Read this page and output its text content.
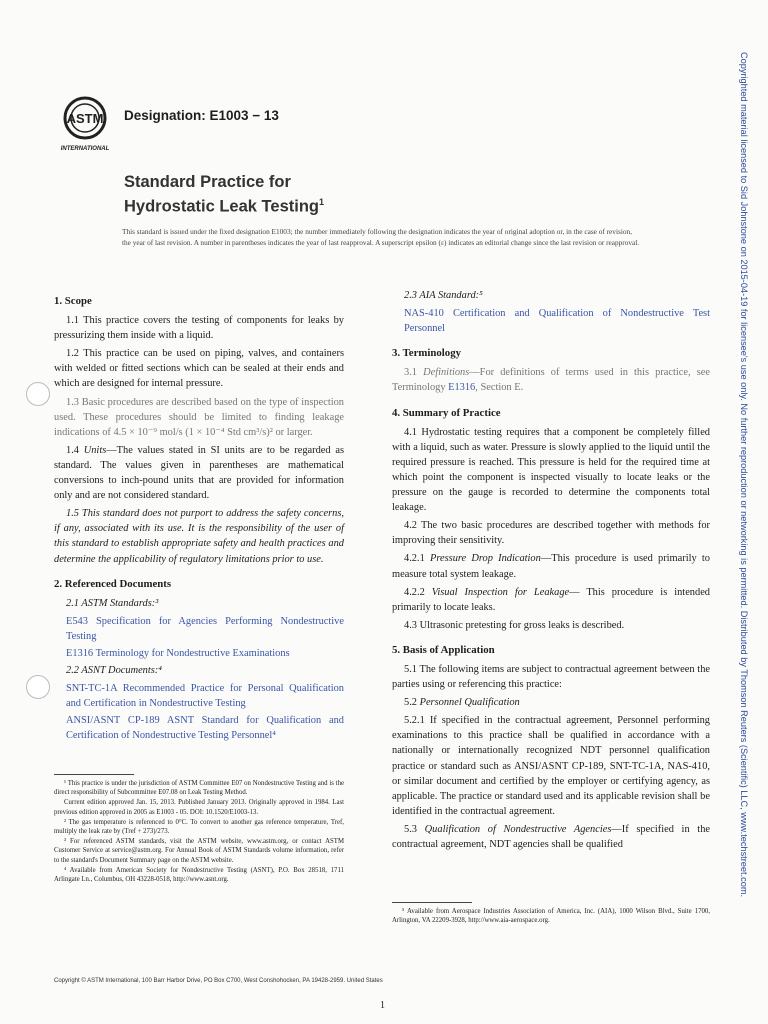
ASTM
INTERNATIONAL
Designation: E1003 − 13
Standard Practice for
Hydrostatic Leak Testing$^1$
This standard is issued under the fixed designation E1003; the number immediately following the designation indicates the year of original adoption or, in the case of revision, the year of last revision. A number in parentheses indicates the year of last reapproval. A superscript epsilon (ε) indicates an editorial change since the last revision or reapproval.
1. Scope

1.1 This practice covers the testing of components for leaks by pressurizing them inside with a liquid.

1.2 This practice can be used on piping, valves, and containers with welded or fitted sections which can be sealed at their ends and which are designed for internal pressure.

1.3 Basic procedures are described based on the type of inspection used. These procedures should be limited to finding leakage indications of 4.5 × 10⁻⁹ mol/s (1 × 10⁻⁴ Std cm³/s)² or larger.

1.4 Units—The values stated in SI units are to be regarded as standard. The values given in parentheses are mathematical conversions to inch-pound units that are provided for information only and are not considered standard.

1.5 This standard does not purport to address the safety concerns, if any, associated with its use. It is the responsibility of the user of this standard to establish appropriate safety and health practices and determine the applicability of regulatory limitations prior to use.

2. Referenced Documents

2.1 ASTM Standards:³

E543 Specification for Agencies Performing Nondestructive Testing
E1316 Terminology for Nondestructive Examinations

2.2 ASNT Documents:⁴

SNT-TC-1A Recommended Practice for Personal Qualification and Certification in Nondestructive Testing
ANSI/ASNT CP-189 ASNT Standard for Qualification and Certification of Nondestructive Testing Personnel⁴

¹ This practice is under the jurisdiction of ASTM Committee E07 on Nondestructive Testing and is the direct responsibility of Subcommittee E07.08 on Leak Testing Method.

Current edition approved Jan. 15, 2013. Published January 2013. Originally approved in 1984. Last previous edition approved in 2005 as E1003 - 05. DOI: 10.1520/E1003-13.

² The gas temperature is referenced to 0°C. To convert to another gas reference temperature, Tref, multiply the leak rate by (Tref + 273)/273.

³ For referenced ASTM standards, visit the ASTM website, www.astm.org, or contact ASTM Customer Service at service@astm.org. For Annual Book of ASTM Standards volume information, refer to the standard's Document Summary page on the ASTM website.

⁴ Available from American Society for Nondestructive Testing (ASNT), P.O. Box 28518, 1711 Arlingate Ln., Columbus, OH 43228-0518, http://www.asnt.org.

2.3 AIA Standard:⁵

NAS-410 Certification and Qualification of Nondestructive Test Personnel
3. Terminology

3.1 Definitions—For definitions of terms used in this practice, see Terminology E1316, Section E.

4. Summary of Practice

4.1 Hydrostatic testing requires that a component be completely filled with a liquid, such as water. Pressure is slowly applied to the liquid until the required pressure is reached. This pressure is held for the required time at which point the component is inspected visually to locate leaks or the pressure on the gauge is recorded to determine the components total leakage.

4.2 The two basic procedures are described together with methods for improving their sensitivity.

4.2.1 Pressure Drop Indication—This procedure is used primarily to measure total system leakage.

4.2.2 Visual Inspection for Leakage— This procedure is intended primarily to locate leaks.

4.3 Ultrasonic pretesting for gross leaks is described.

5. Basis of Application

5.1 The following items are subject to contractual agreement between the parties using or referencing this practice:

5.2 Personnel Qualification

5.2.1 If specified in the contractual agreement, Personnel performing examinations to this practice shall be qualified in accordance with a nationally or internationally recognized NDT personnel qualification practice or standard such as ANSI/ASNT CP-189, SNT-TC-1A, NAS-410, or similar document and certified by the employer or certifying agency, as applicable. The practice or standard used and its applicable revision shall be identified in the contractual agreement.

5.3 Qualification of Nondestructive Agencies—If specified in the contractual agreement, NDT agencies shall be qualified

⁵ Available from Aerospace Industries Association of America, Inc. (AIA), 1000 Wilson Blvd., Suite 1700, Arlington, VA 22209-3928, http://www.aia-aerospace.org.

Copyright © ASTM International, 100 Barr Harbor Drive, PO Box C700, West Conshohocken, PA 19428-2959. United States
1
Copyrighted material licensed to Sid Johnstone on 2015-04-19 for licensee's use only. No further reproduction or networking is permitted. Distributed by Thomson Reuters (Scientific) LLC, www.techstreet.com.
